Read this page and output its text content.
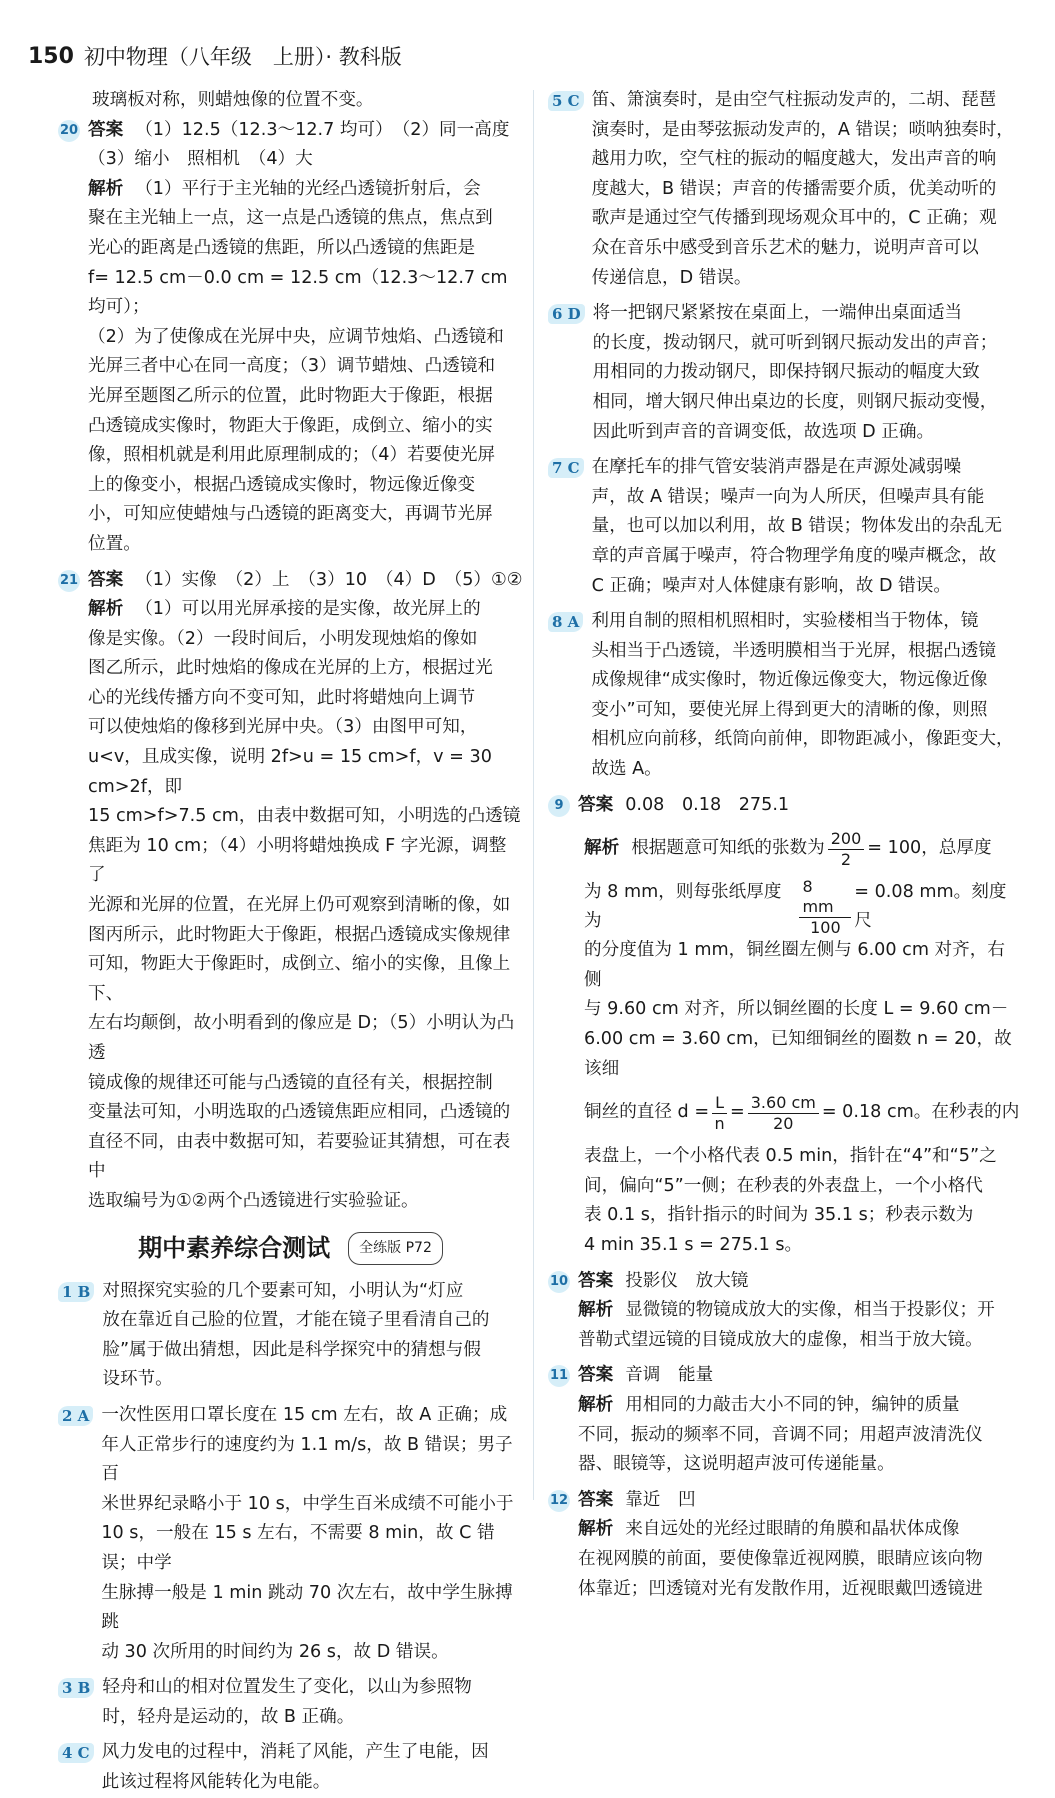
150 初中物理（八年级　上册）· 教科版

玻璃板对称，则蜡烛像的位置不变。

20 答案 （1）12.5（12.3～12.7 均可）　（2）同一高度

（3）缩小　照相机　（4）大

解析 （1）平行于主光轴的光经凸透镜折射后，会

聚在主光轴上一点，这一点是凸透镜的焦点，焦点到

光心的距离是凸透镜的焦距，所以凸透镜的焦距是

f= 12.5 cm－0.0 cm = 12.5 cm（12.3～12.7 cm 均可）；

（2）为了使像成在光屏中央，应调节烛焰、凸透镜和

光屏三者中心在同一高度；（3）调节蜡烛、凸透镜和

光屏至题图乙所示的位置，此时物距大于像距，根据

凸透镜成实像时，物距大于像距，成倒立、缩小的实

像，照相机就是利用此原理制成的；（4）若要使光屏

上的像变小，根据凸透镜成实像时，物远像近像变

小，可知应使蜡烛与凸透镜的距离变大，再调节光屏

位置。

21 答案 （1）实像　（2）上　（3）10　（4）D　（5）①②
解析 （1）可以用光屏承接的是实像，故光屏上的

像是实像。（2）一段时间后，小明发现烛焰的像如

图乙所示，此时烛焰的像成在光屏的上方，根据过光

心的光线传播方向不变可知，此时将蜡烛向上调节

可以使烛焰的像移到光屏中央。（3）由图甲可知，

u<v，且成实像，说明 2f>u = 15 cm>f，v = 30 cm>2f，即

15 cm>f>7.5 cm，由表中数据可知，小明选的凸透镜

焦距为 10 cm；（4）小明将蜡烛换成 F 字光源，调整了

光源和光屏的位置，在光屏上仍可观察到清晰的像，如

图丙所示，此时物距大于像距，根据凸透镜成实像规律

可知，物距大于像距时，成倒立、缩小的实像，且像上下、

左右均颠倒，故小明看到的像应是 D；（5）小明认为凸透

镜成像的规律还可能与凸透镜的直径有关，根据控制

变量法可知，小明选取的凸透镜焦距应相同，凸透镜的

直径不同，由表中数据可知，若要验证其猜想，可在表中

选取编号为①②两个凸透镜进行实验验证。

期中素养综合测试	全练版 P72
1 B 对照探究实验的几个要素可知，小明认为“灯应

放在靠近自己脸的位置，才能在镜子里看清自己的

脸”属于做出猜想，因此是科学探究中的猜想与假

设环节。

2 A 一次性医用口罩长度在 15 cm 左右，故 A 正确；成

年人正常步行的速度约为 1.1 m/s，故 B 错误；男子百

米世界纪录略小于 10 s，中学生百米成绩不可能小于

10 s，一般在 15 s 左右，不需要 8 min，故 C 错误；中学

生脉搏一般是 1 min 跳动 70 次左右，故中学生脉搏跳

动 30 次所用的时间约为 26 s，故 D 错误。

3 B 轻舟和山的相对位置发生了变化，以山为参照物

时，轻舟是运动的，故 B 正确。

4 C 风力发电的过程中，消耗了风能，产生了电能，因

此该过程将风能转化为电能。

5 C 笛、箫演奏时，是由空气柱振动发声的，二胡、琵琶

演奏时，是由琴弦振动发声的，A 错误；唢呐独奏时，

越用力吹，空气柱的振动的幅度越大，发出声音的响

度越大，B 错误；声音的传播需要介质，优美动听的

歌声是通过空气传播到现场观众耳中的，C 正确；观

众在音乐中感受到音乐艺术的魅力，说明声音可以

传递信息，D 错误。

6 D 将一把钢尺紧紧按在桌面上，一端伸出桌面适当

的长度，拨动钢尺，就可听到钢尺振动发出的声音；

用相同的力拨动钢尺，即保持钢尺振动的幅度大致

相同，增大钢尺伸出桌边的长度，则钢尺振动变慢，

因此听到声音的音调变低，故选项 D 正确。

7 C 在摩托车的排气管安装消声器是在声源处减弱噪

声，故 A 错误；噪声一向为人所厌，但噪声具有能

量，也可以加以利用，故 B 错误；物体发出的杂乱无

章的声音属于噪声，符合物理学角度的噪声概念，故

C 正确；噪声对人体健康有影响，故 D 错误。

8 A 利用自制的照相机照相时，实验楼相当于物体，镜

头相当于凸透镜，半透明膜相当于光屏，根据凸透镜

成像规律“成实像时，物近像远像变大，物远像近像

变小”可知，要使光屏上得到更大的清晰的像，则照

相机应向前移，纸筒向前伸，即物距减小，像距变大，

故选 A。

9 答案 0.08　0.18　275.1
解析 根据题意可知纸的张数为 $\frac{200}{2} = 100$，总厚度
为 8 mm，则每张纸厚度为	$\frac{8 mm}{100} = 0.08$ mm。刻度尺

的分度值为 1 mm，铜丝圈左侧与 6.00 cm 对齐，右侧

与 9.60 cm 对齐，所以铜丝圈的长度 L = 9.60 cm－

6.00 cm = 3.60 cm，已知细铜丝的圈数 n = 20，故该细

铜丝的直径 $d = \frac{L}{n} = \frac{3.60 cm}{20} = 0.18$ cm。在秒表的内

表盘上，一个小格代表 0.5 min，指针在“4”和“5”之

间，偏向“5”一侧；在秒表的外表盘上，一个小格代

表 0.1 s，指针指示的时间为 35.1 s；秒表示数为

4 min 35.1 s = 275.1 s。

10 答案 投影仪　放大镜
解析 显微镜的物镜成放大的实像，相当于投影仪；开

普勒式望远镜的目镜成放大的虚像，相当于放大镜。

11 答案 音调　能量
解析 用相同的力敲击大小不同的钟，编钟的质量

不同，振动的频率不同，音调不同；用超声波清洗仪

器、眼镜等，这说明超声波可传递能量。

12 答案 靠近　凹
解析 来自远处的光经过眼睛的角膜和晶状体成像

在视网膜的前面，要使像靠近视网膜，眼睛应该向物

体靠近；凹透镜对光有发散作用，近视眼戴凹透镜进
